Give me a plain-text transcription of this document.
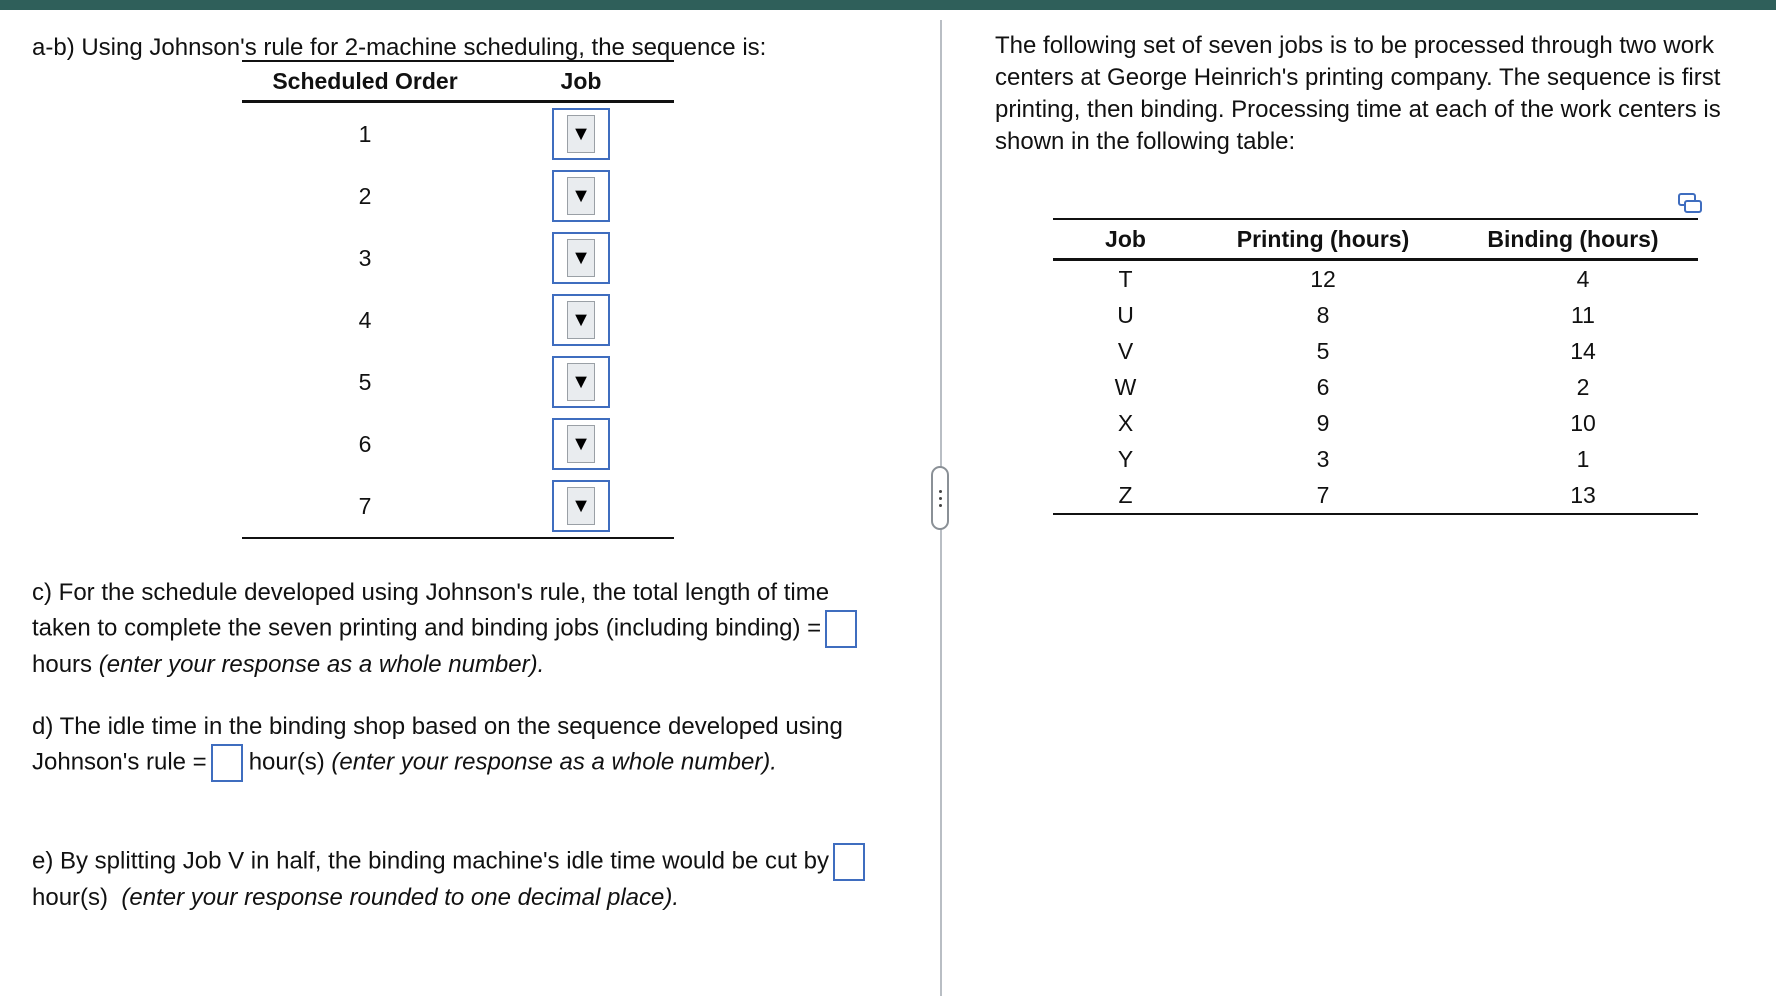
a-b) Using Johnson's rule for 2-machine scheduling, the sequence is:

Scheduled Order	Job
1	▼
2	▼
3	▼
4	▼
5	▼
6	▼
7	▼
c) For the schedule developed using Johnson's rule, the total length of time taken to complete the seven printing and binding jobs (including binding) =hours (enter your response as a whole number).
d) The idle time in the binding shop based on the sequence developed using Johnson's rule = hour(s) (enter your response as a whole number).
e) By splitting Job V in half, the binding machine's idle time would be cut byhour(s) (enter your response rounded to one decimal place).

The following set of seven jobs is to be processed through two work centers at George Heinrich's printing company. The sequence is first printing, then binding. Processing time at each of the work centers is shown in the following table:

Job	Printing (hours)	Binding (hours)
T	12	4
U	8	11
V	5	14
W	6	2
X	9	10
Y	3	1
Z	7	13
